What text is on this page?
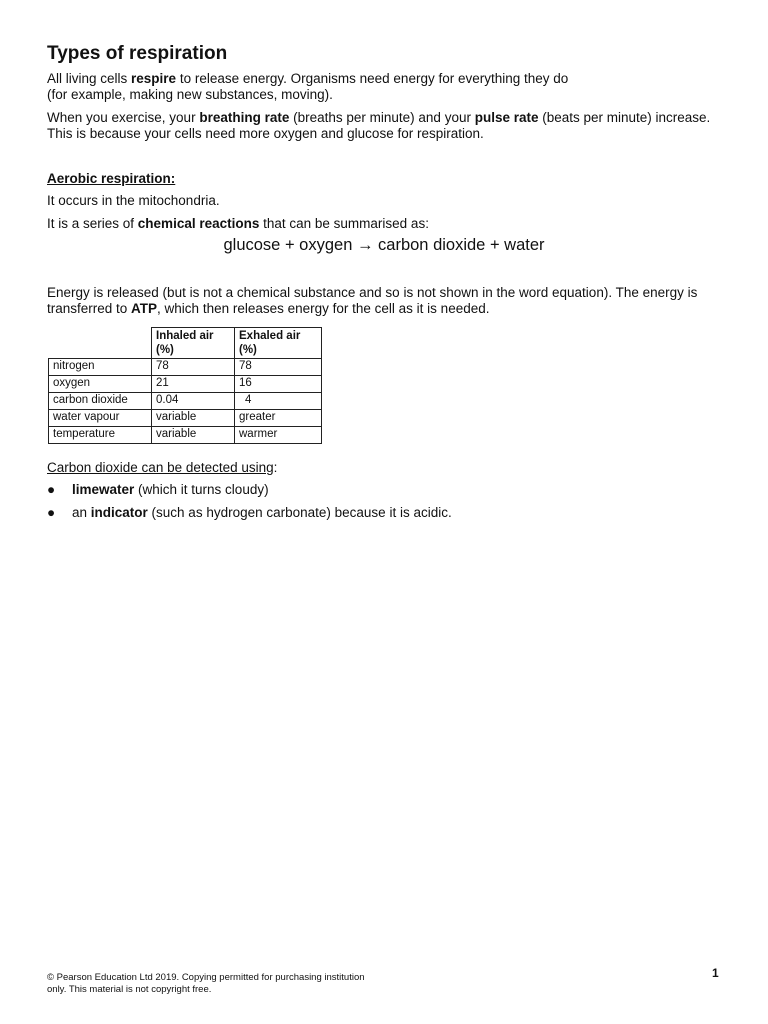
Types of respiration
All living cells respire to release energy. Organisms need energy for everything they do
(for example, making new substances, moving).
When you exercise, your breathing rate (breaths per minute) and your pulse rate (beats per minute) increase. This is because your cells need more oxygen and glucose for respiration.
Aerobic respiration:
It occurs in the mitochondria.
It is a series of chemical reactions that can be summarised as:
glucose + oxygen → carbon dioxide + water
Energy is released (but is not a chemical substance and so is not shown in the word equation). The energy is transferred to ATP, which then releases energy for the cell as it is needed.
	Inhaled air (%)	Exhaled air (%)
nitrogen	78	78
oxygen	21	16
carbon dioxide	0.04	4
water vapour	variable	greater
temperature	variable	warmer
Carbon dioxide can be detected using:
● limewater (which it turns cloudy)
● an indicator (such as hydrogen carbonate) because it is acidic.
© Pearson Education Ltd 2019. Copying permitted for purchasing institution only. This material is not copyright free.
1
